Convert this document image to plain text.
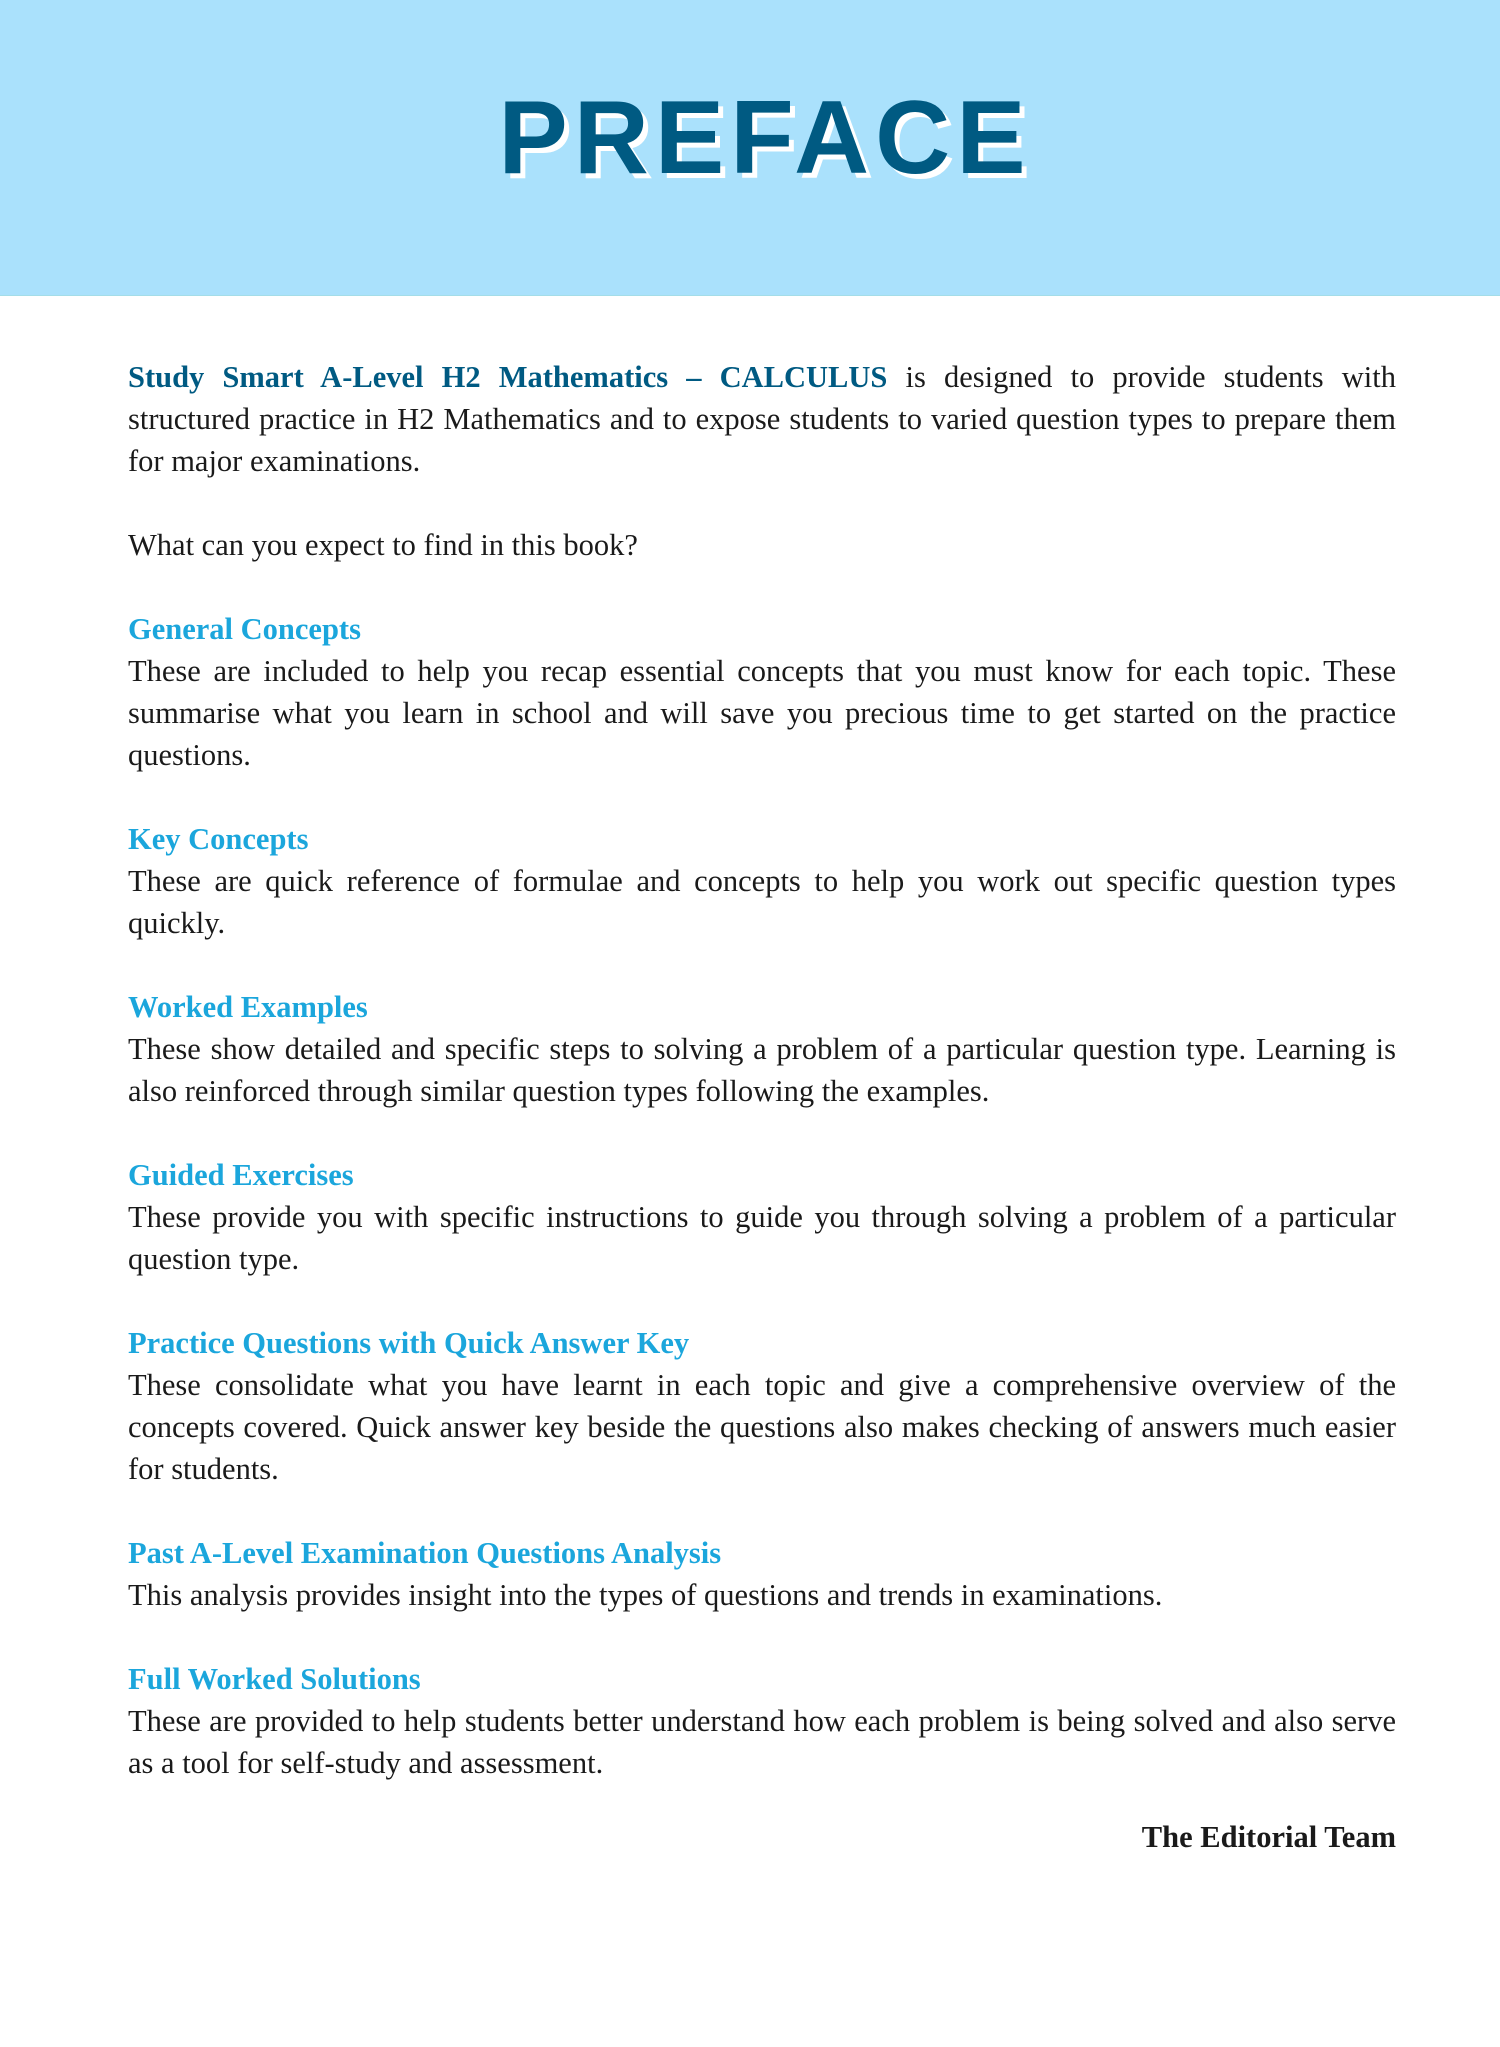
PREFACE

Study Smart A-Level H2 Mathematics – CALCULUS is designed to provide students with structured practice in H2 Mathematics and to expose students to varied question types to prepare them for major examinations.

What can you expect to find in this book?

General Concepts

These are included to help you recap essential concepts that you must know for each topic. These summarise what you learn in school and will save you precious time to get started on the practice questions.

Key Concepts

These are quick reference of formulae and concepts to help you work out specific question types quickly.

Worked Examples

These show detailed and specific steps to solving a problem of a particular question type. Learning is also reinforced through similar question types following the examples.

Guided Exercises

These provide you with specific instructions to guide you through solving a problem of a particular question type.

Practice Questions with Quick Answer Key

These consolidate what you have learnt in each topic and give a comprehensive overview of the concepts covered. Quick answer key beside the questions also makes checking of answers much easier for students.

Past A-Level Examination Questions Analysis

This analysis provides insight into the types of questions and trends in examinations.

Full Worked Solutions

These are provided to help students better understand how each problem is being solved and also serve as a tool for self-study and assessment.

The Editorial Team
